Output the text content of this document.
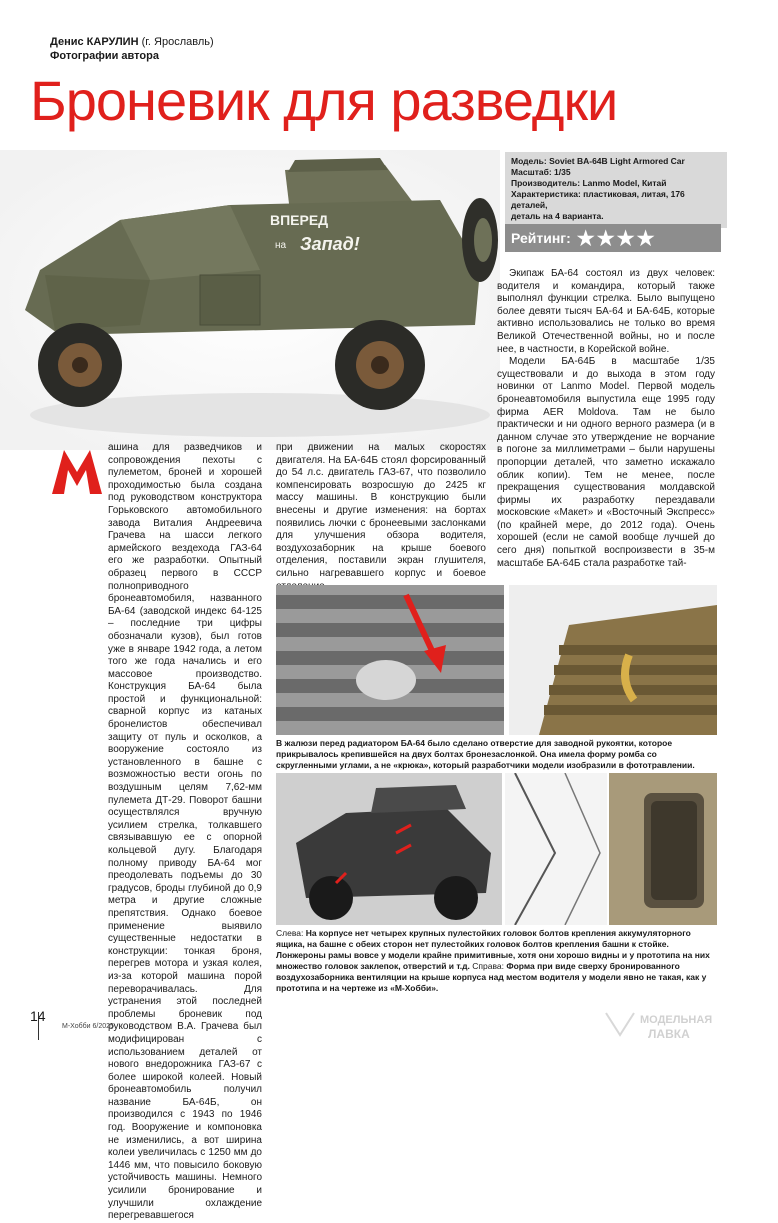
Денис КАРУЛИН (г. Ярославль)
Фотографии автора
Броневик для разведки
ВПЕРЕД
на Запад!
Модель: Soviet BA-64B Light Armored Car
Масштаб: 1/35
Производитель: Lanmo Model, Китай
Характеристика: пластиковая, литая, 176 деталей,
деталь на 4 варианта.
Рейтинг: ★★★★

Экипаж БА-64 состоял из двух человек: водителя и командира, который также выполнял функции стрелка. Было выпущено более девяти тысяч БА-64 и БА-64Б, которые активно использовались не только во время Великой Отечественной войны, но и после нее, в частности, в Корейской войне.

Модели БА-64Б в масштабе 1/35 существовали и до выхода в этом году новинки от Lanmo Model. Первой модель бронеавтомобиля выпустила еще 1995 году фирма AER Moldova. Там не было практически и ни одного верного размера (и в данном случае это утверждение не ворчание в погоне за миллиметрами – были нарушены пропорции деталей, что заметно искажало облик копии). Тем не менее, после прекращения существования молдавской фирмы их разработку перездавали московские «Макет» и «Восточный Экспресс» (по крайней мере, до 2012 года). Очень хорошей (если не самой вообще лучшей до сего дня) попыткой воспроизвести в 35-м масштабе БА-64Б стала разработке тай-

ашина для разведчиков и сопровождения пехоты с пулеметом, броней и хорошей проходимостью была создана под руководством конструктора Горьковского автомобильного завода Виталия Андреевича Грачева на шасси легкого армейского вездехода ГАЗ-64 его же разработки. Опытный образец первого в СССР полноприводного бронеавтомобиля, названного БА-64 (заводской индекс 64-125 – последние три цифры обозначали кузов), был готов уже в январе 1942 года, а летом того же года начались и его массовое производство. Конструкция БА-64 была простой и функциональной: сварной корпус из катаных бронелистов обеспечивал защиту от пуль и осколков, а вооружение состояло из установленного в башне с возможностью вести огонь по воздушным целям 7,62-мм пулемета ДТ-29. Поворот башни осуществлялся вручную усилием стрелка, толкавшего связывавшую ее с опорной кольцевой дугу. Благодаря полному приводу БА-64 мог преодолевать подъемы до 30 градусов, броды глубиной до 0,9 метра и другие сложные препятствия. Однако боевое применение выявило существенные недостатки в конструкции: тонкая броня, перегрев мотора и узкая колея, из-за которой машина порой переворачивалась. Для устранения этой последней проблемы броневик под руководством В.А. Грачева был модифицирован с использованием деталей от нового внедорожника ГАЗ-67 с более широкой колеей. Новый бронеавтомобиль получил название БА-64Б, он производился с 1943 по 1946 год. Вооружение и компоновка не изменились, а вот ширина колеи увеличилась с 1250 мм до 1446 мм, что повысило боковую устойчивость машины. Немного усилили бронирование и улучшили охлаждение перегревавшегося

при движении на малых скоростях двигателя. На БА-64Б стоял форсированный до 54 л.с. двигатель ГАЗ-67, что позволило компенсировать возросшую до 2425 кг массу машины. В конструкцию были внесены и другие изменения: на бортах появились лючки с бронеевыми заслонками для улучшения обзора водителя, воздухозаборник на крыше боевого отделения, поставили экран глушителя, сильно нагревавшего корпус и боевое

В жалюзи перед радиатором БА-64 было сделано отверстие для заводной рукоятки, которое прикрывалось крепившейся на двух болтах бронезаслонкой. Она имела форму ромба со скругленными углами, а не «крюка», который разработчики модели изобразили в фототравлении.
Слева: На корпусе нет четырех крупных пулестойких головок болтов крепления аккумуляторного ящика, на башне с обеих сторон нет пулестойких головок болтов крепления башни к стойке. Лонжероны рамы вовсе у модели крайне примитивные, хотя они хорошо видны и у прототипа на них множество головок заклепок, отверстий и т.д. Справа: Форма при виде сверху бронированного воздухозаборника вентиляции на крыше корпуса над местом водителя у модели явно не такая, как у прототипа и на чертеже из «М-Хобби».
14
М-Хобби 6/2025
МОДЕЛЬНАЯ
ЛАВКА
